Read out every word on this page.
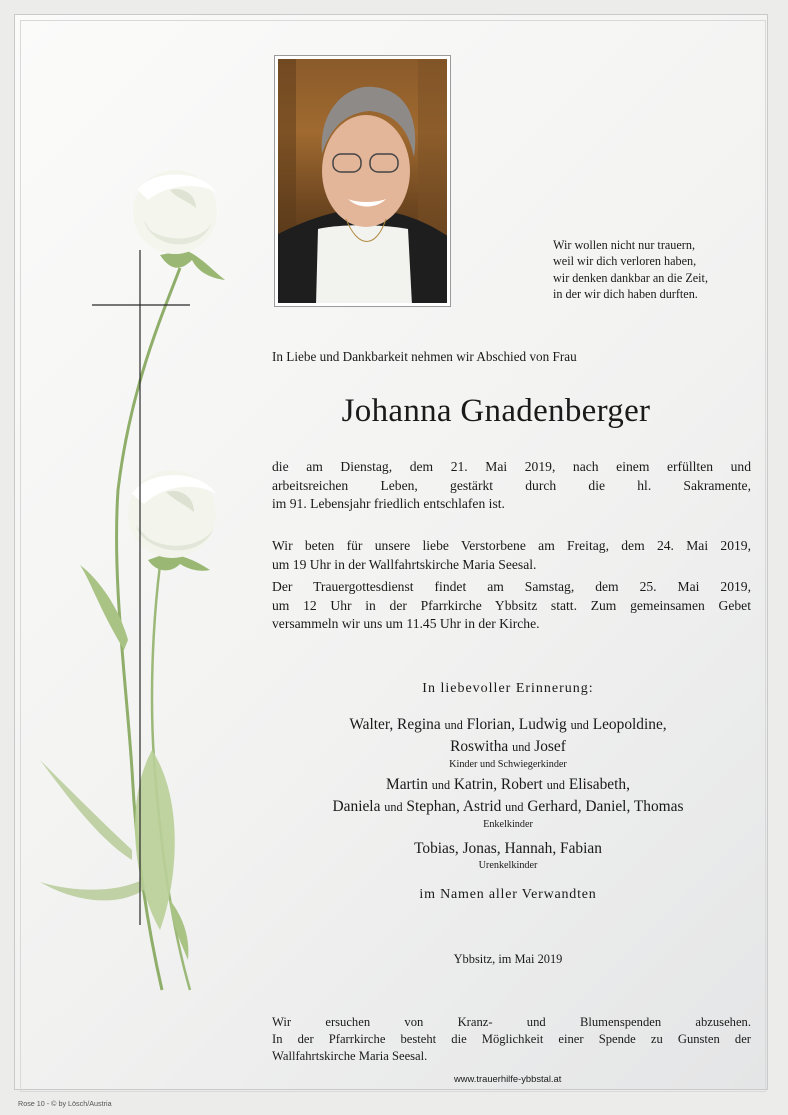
Wir wollen nicht nur trauern,
weil wir dich verloren haben,
wir denken dankbar an die Zeit,
in der wir dich haben durften.
In Liebe und Dankbarkeit nehmen wir Abschied von Frau
Johanna Gnadenberger
die am Dienstag, dem 21. Mai 2019, nach einem erfüllten und
arbeitsreichen Leben, gestärkt durch die hl. Sakramente,
im 91. Lebensjahr friedlich entschlafen ist.
Wir beten für unsere liebe Verstorbene am Freitag, dem 24. Mai 2019,
um 19 Uhr in der Wallfahrtskirche Maria Seesal.
Der Trauergottesdienst findet am Samstag, dem 25. Mai 2019,
um 12 Uhr in der Pfarrkirche Ybbsitz statt. Zum gemeinsamen Gebet
versammeln wir uns um 11.45 Uhr in der Kirche.
In liebevoller Erinnerung:
Walter, Regina und Florian, Ludwig und Leopoldine,
Roswitha und Josef
Kinder und Schwiegerkinder
Martin und Katrin, Robert und Elisabeth,
Daniela und Stephan, Astrid und Gerhard, Daniel, Thomas
Enkelkinder
Tobias, Jonas, Hannah, Fabian
Urenkelkinder
im Namen aller Verwandten
Ybbsitz, im Mai 2019
Wir ersuchen von Kranz- und Blumenspenden abzusehen.
In der Pfarrkirche besteht die Möglichkeit einer Spende zu Gunsten der
Wallfahrtskirche Maria Seesal.
www.trauerhilfe-ybbstal.at
Rose 10 - © by Lösch/Austria
